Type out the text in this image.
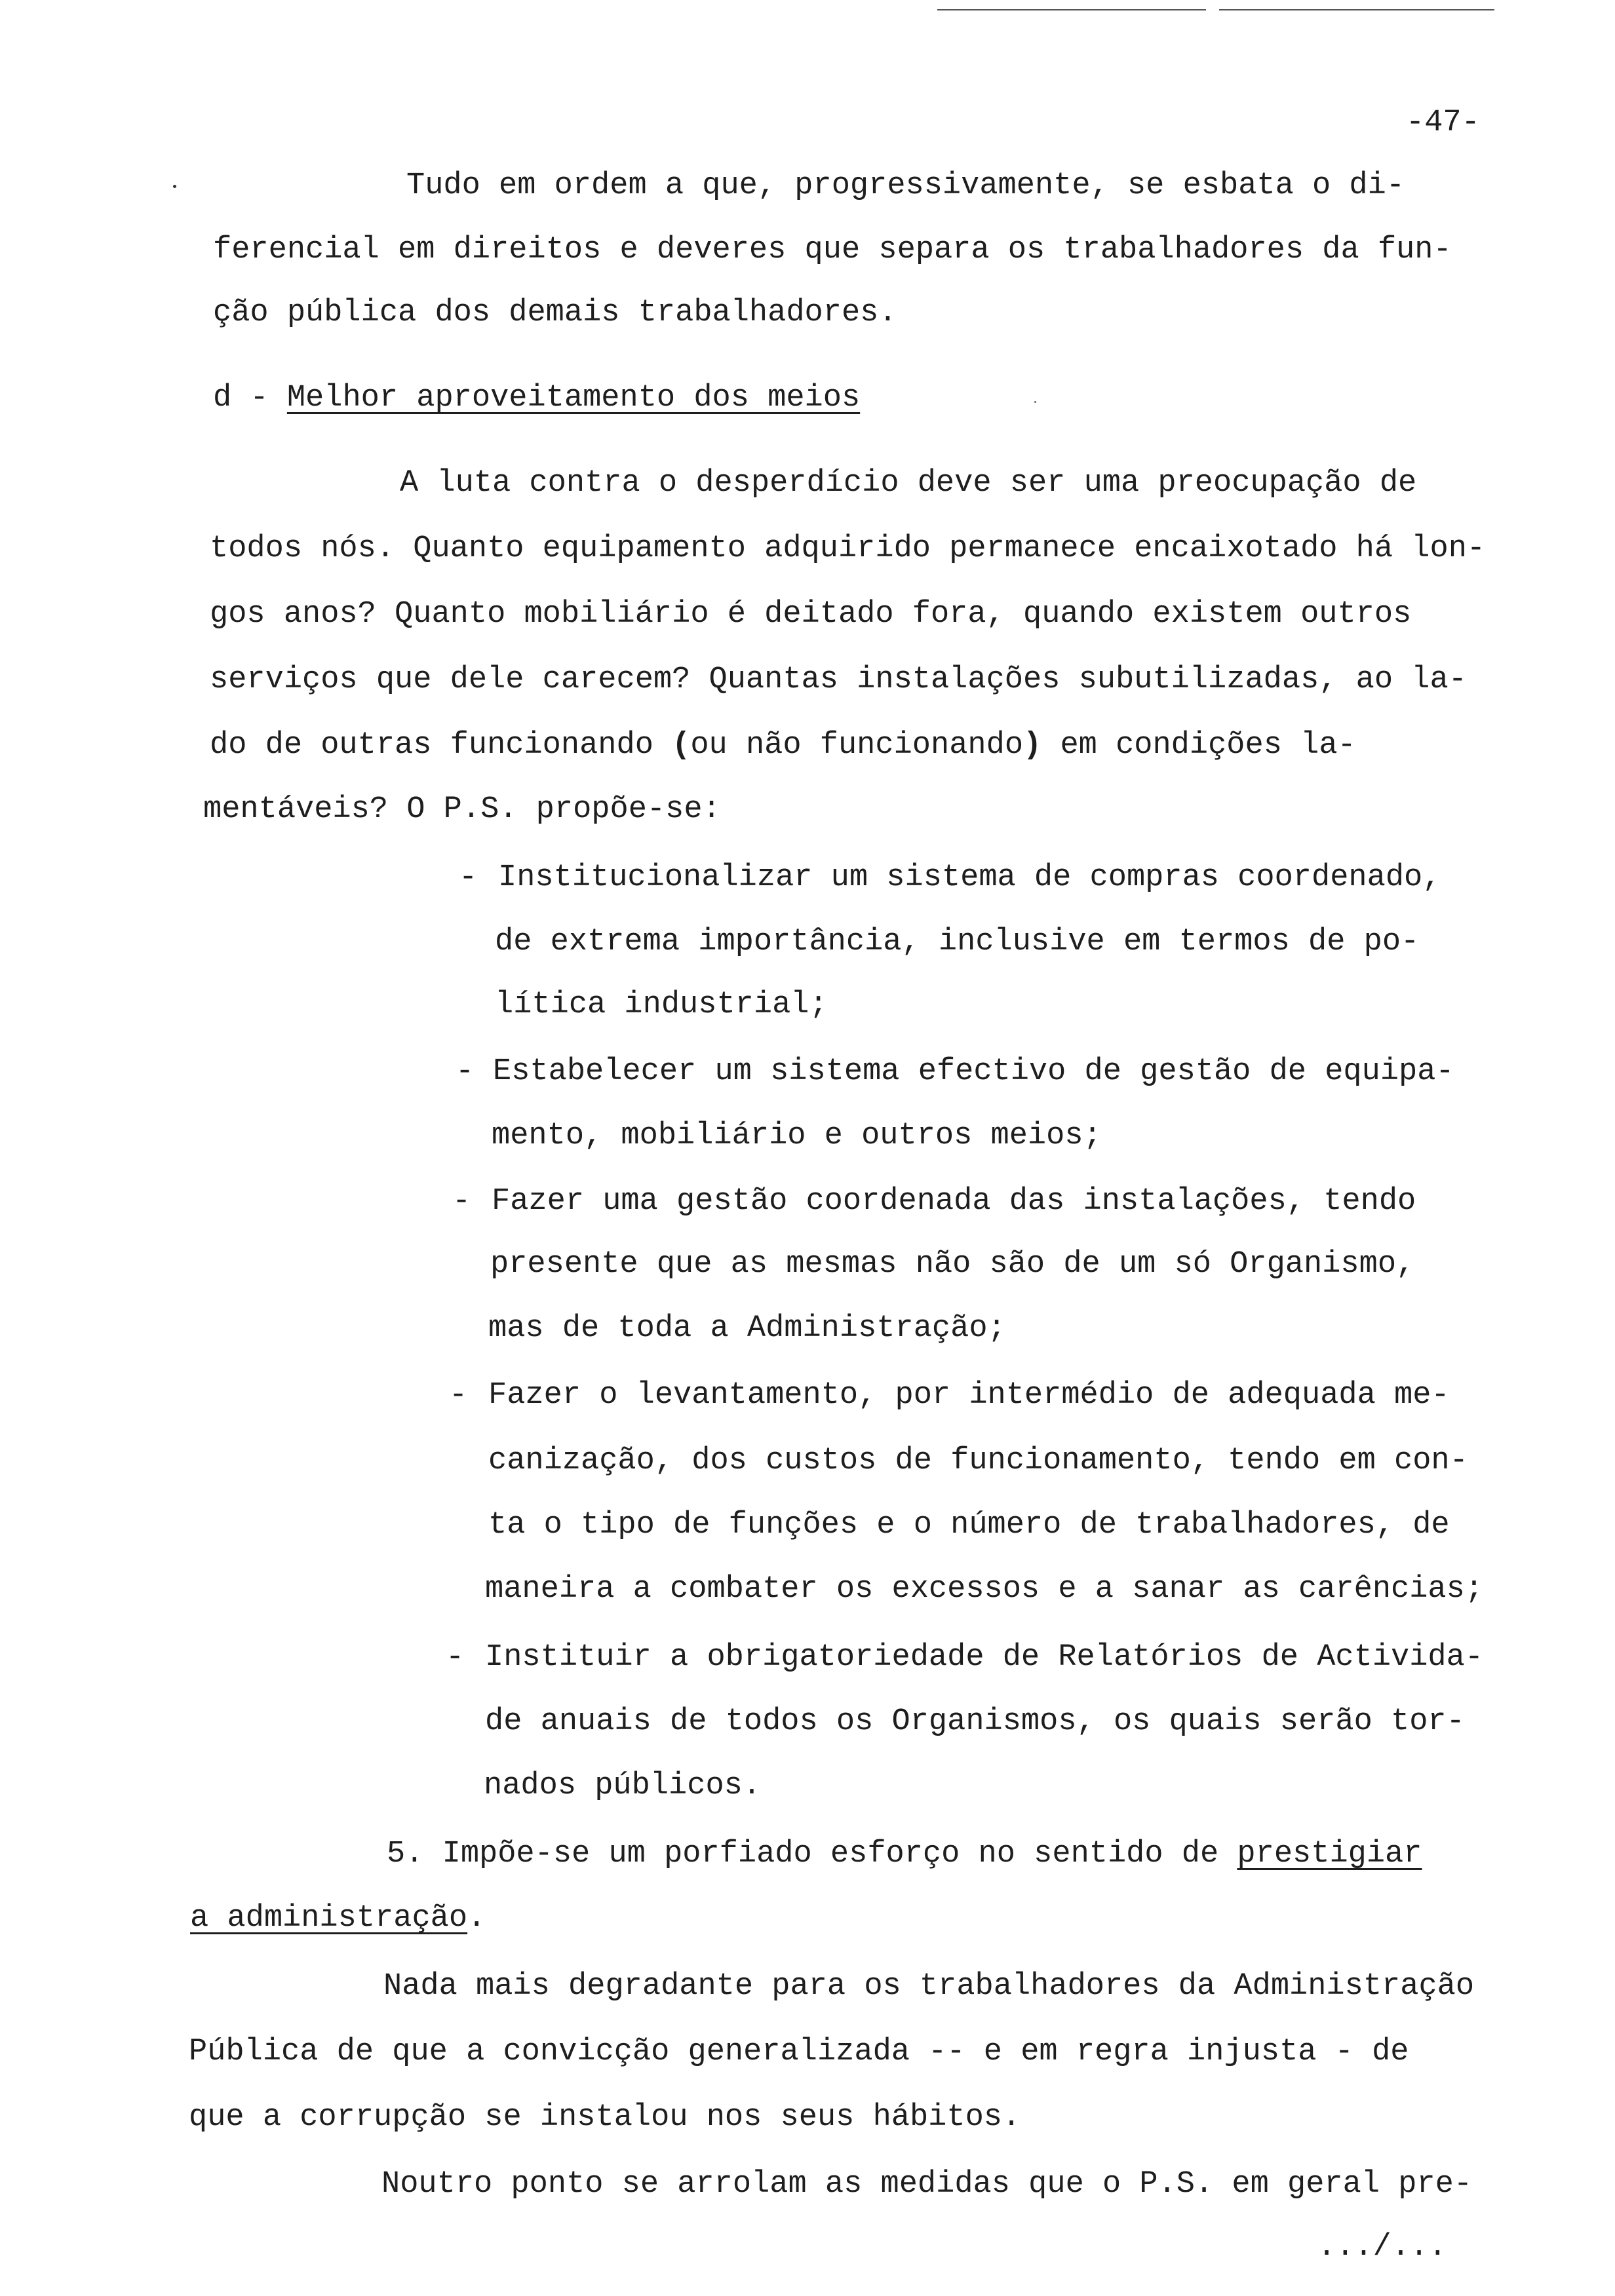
-47-
Tudo em ordem a que, progressivamente, se esbata o di-
ferencial em direitos e deveres que separa os trabalhadores da fun-
ção pública dos demais trabalhadores.
d - Melhor aproveitamento dos meios
A luta contra o desperdício deve ser uma preocupação de
todos nós. Quanto equipamento adquirido permanece encaixotado há lon-
gos anos? Quanto mobiliário é deitado fora, quando existem outros
serviços que dele carecem? Quantas instalações subutilizadas, ao la-
do de outras funcionando (ou não funcionando) em condições la-
mentáveis? O P.S. propõe-se:
- Institucionalizar um sistema de compras coordenado,
de extrema importância, inclusive em termos de po-
lítica industrial;
- Estabelecer um sistema efectivo de gestão de equipa-
mento, mobiliário e outros meios;
- Fazer uma gestão coordenada das instalações, tendo
presente que as mesmas não são de um só Organismo,
mas de toda a Administração;
- Fazer o levantamento, por intermédio de adequada me-
canização, dos custos de funcionamento, tendo em con-
ta o tipo de funções e o número de trabalhadores, de
maneira a combater os excessos e a sanar as carências;
- Instituir a obrigatoriedade de Relatórios de Activida-
de anuais de todos os Organismos, os quais serão tor-
nados públicos.
5. Impõe-se um porfiado esforço no sentido de prestigiar
a administração.
Nada mais degradante para os trabalhadores da Administração
Pública de que a convicção generalizada -- e em regra injusta - de
que a corrupção se instalou nos seus hábitos.
Noutro ponto se arrolam as medidas que o P.S. em geral pre-
.../...
